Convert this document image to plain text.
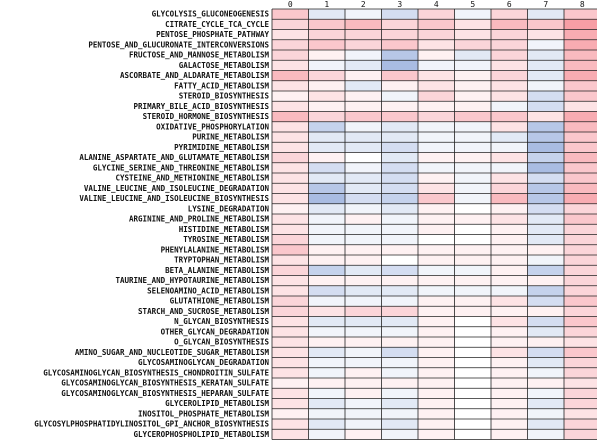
0	1	2	3	4	5	6	7	8
GLYCOLYSIS_GLUCONEOGENESIS
CITRATE_CYCLE_TCA_CYCLE
PENTOSE_PHOSPHATE_PATHWAY
PENTOSE_AND_GLUCURONATE_INTERCONVERSIONS
FRUCTOSE_AND_MANNOSE_METABOLISM
GALACTOSE_METABOLISM
ASCORBATE_AND_ALDARATE_METABOLISM
FATTY_ACID_METABOLISM
STEROID_BIOSYNTHESIS
PRIMARY_BILE_ACID_BIOSYNTHESIS
STEROID_HORMONE_BIOSYNTHESIS
OXIDATIVE_PHOSPHORYLATION
PURINE_METABOLISM
PYRIMIDINE_METABOLISM
ALANINE_ASPARTATE_AND_GLUTAMATE_METABOLISM
GLYCINE_SERINE_AND_THREONINE_METABOLISM
CYSTEINE_AND_METHIONINE_METABOLISM
VALINE_LEUCINE_AND_ISOLEUCINE_DEGRADATION
VALINE_LEUCINE_AND_ISOLEUCINE_BIOSYNTHESIS
LYSINE_DEGRADATION
ARGININE_AND_PROLINE_METABOLISM
HISTIDINE_METABOLISM
TYROSINE_METABOLISM
PHENYLALANINE_METABOLISM
TRYPTOPHAN_METABOLISM
BETA_ALANINE_METABOLISM
TAURINE_AND_HYPOTAURINE_METABOLISM
SELENOAMINO_ACID_METABOLISM
GLUTATHIONE_METABOLISM
STARCH_AND_SUCROSE_METABOLISM
N_GLYCAN_BIOSYNTHESIS
OTHER_GLYCAN_DEGRADATION
O_GLYCAN_BIOSYNTHESIS
AMINO_SUGAR_AND_NUCLEOTIDE_SUGAR_METABOLISM
GLYCOSAMINOGLYCAN_DEGRADATION
GLYCOSAMINOGLYCAN_BIOSYNTHESIS_CHONDROITIN_SULFATE
GLYCOSAMINOGLYCAN_BIOSYNTHESIS_KERATAN_SULFATE
GLYCOSAMINOGLYCAN_BIOSYNTHESIS_HEPARAN_SULFATE
GLYCEROLIPID_METABOLISM
INOSITOL_PHOSPHATE_METABOLISM
GLYCOSYLPHOSPHATIDYLINOSITOL_GPI_ANCHOR_BIOSYNTHESIS
GLYCEROPHOSPHOLIPID_METABOLISM
